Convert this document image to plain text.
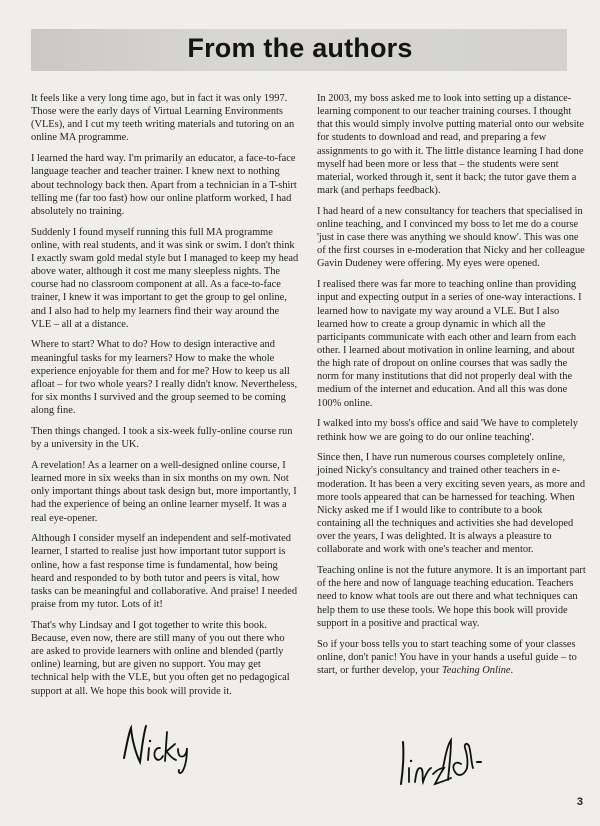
From the authors

It feels like a very long time ago, but in fact it was only 1997. Those were the early days of Virtual Learning Environments (VLEs), and I cut my teeth writing materials and tutoring on an online MA programme.

I learned the hard way. I'm primarily an educator, a face-to-face language teacher and teacher trainer. I knew next to nothing about technology back then. Apart from a technician in a T-shirt telling me (far too fast) how our online platform worked, I had absolutely no training.

Suddenly I found myself running this full MA programme online, with real students, and it was sink or swim. I don't think I exactly swam gold medal style but I managed to keep my head above water, although it cost me many sleepless nights. The course had no classroom component at all. As a face-to-face trainer, I knew it was important to get the group to gel online, and I also had to help my learners find their way around the VLE – all at a distance.

Where to start? What to do? How to design interactive and meaningful tasks for my learners? How to make the whole experience enjoyable for them and for me? How to keep us all afloat – for two whole years? I really didn't know. Nevertheless, for six months I survived and the group seemed to be coming along fine.

Then things changed. I took a six-week fully-online course run by a university in the UK.

A revelation! As a learner on a well-designed online course, I learned more in six weeks than in six months on my own. Not only important things about task design but, more importantly, I had the experience of being an online learner myself. It was a real eye-opener.

Although I consider myself an independent and self-motivated learner, I started to realise just how important tutor support is online, how a fast response time is fundamental, how being heard and responded to by both tutor and peers is vital, how tasks can be meaningful and collaborative. And praise! I needed praise from my tutor. Lots of it!

That's why Lindsay and I got together to write this book. Because, even now, there are still many of you out there who are asked to provide learners with online and blended (partly online) learning, but are given no support. You may get technical help with the VLE, but you often get no pedagogical support at all. We hope this book will provide it.

In 2003, my boss asked me to look into setting up a distance-learning component to our teacher training courses. I thought that this would simply involve putting material onto our website for students to download and read, and preparing a few assignments to go with it. The little distance learning I had done myself had been more or less that – the students were sent material, worked through it, sent it back; the tutor gave them a mark (and perhaps feedback).

I had heard of a new consultancy for teachers that specialised in online teaching, and I convinced my boss to let me do a course 'just in case there was anything we should know'. This was one of the first courses in e-moderation that Nicky and her colleague Gavin Dudeney were offering. My eyes were opened.

I realised there was far more to teaching online than providing input and expecting output in a series of one-way interactions. I learned how to navigate my way around a VLE. But I also learned how to create a group dynamic in which all the participants communicate with each other and learn from each other. I learned about motivation in online learning, and about the high rate of dropout on online courses that was sadly the norm for many institutions that did not properly deal with the medium of the internet and education. And all this was done 100% online.

I walked into my boss's office and said 'We have to completely rethink how we are going to do our online teaching'.

Since then, I have run numerous courses completely online, joined Nicky's consultancy and trained other teachers in e-moderation. It has been a very exciting seven years, as more and more tools appeared that can be harnessed for teaching. When Nicky asked me if I would like to contribute to a book containing all the techniques and activities she had developed over the years, I was delighted. It is always a pleasure to collaborate and work with one's teacher and mentor.

Teaching online is not the future anymore. It is an important part of the here and now of language teaching education. Teachers need to know what tools are out there and what techniques can help them to use these tools. We hope this book will provide support in a positive and practical way.

So if your boss tells you to start teaching some of your classes online, don't panic! You have in your hands a useful guide – to start, or further develop, your Teaching Online.

3
